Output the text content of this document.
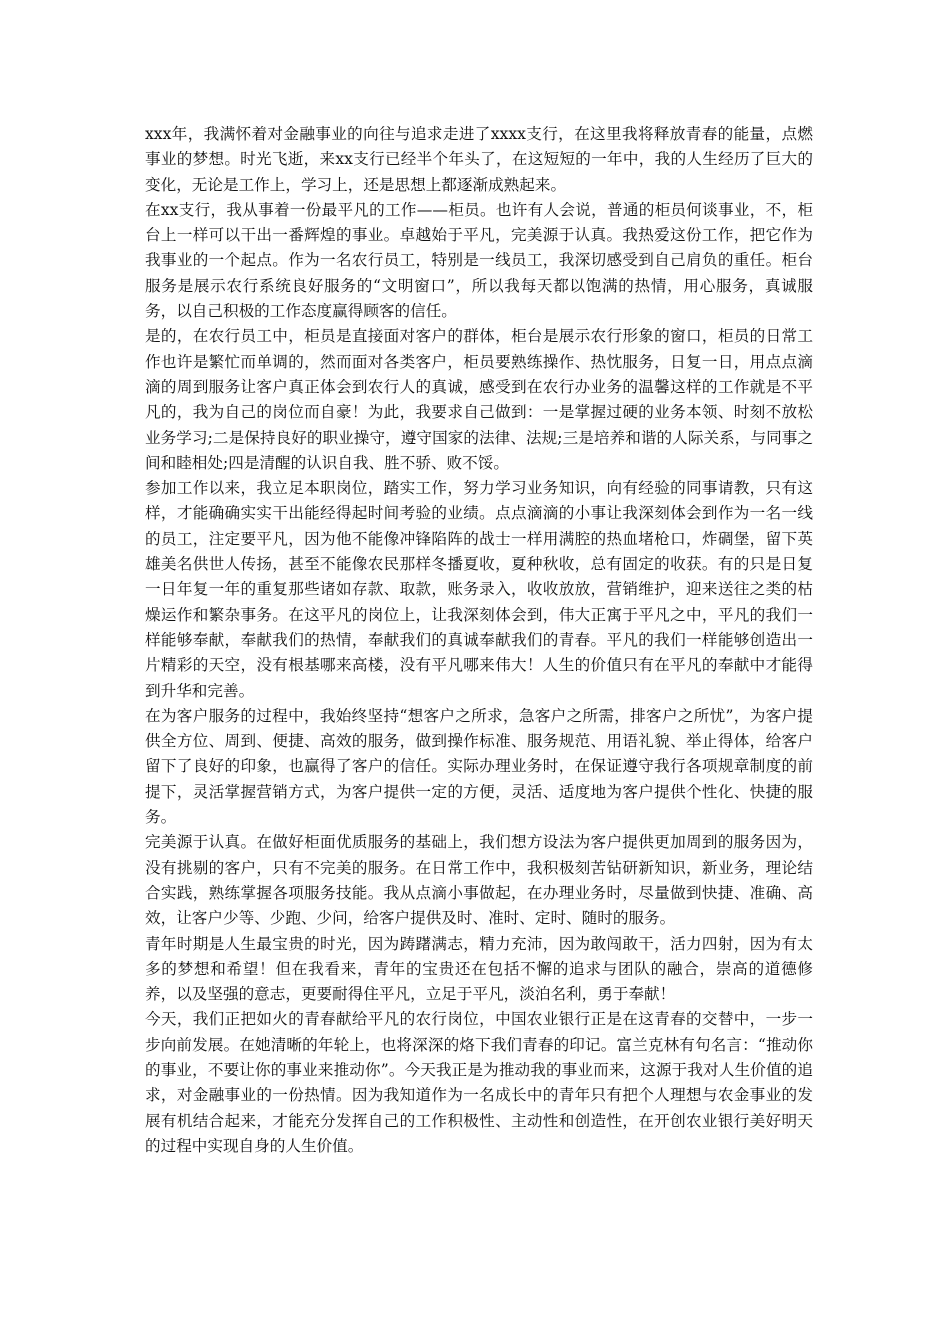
xxx年，我满怀着对金融事业的向往与追求走进了xxxx支行，在这里我将释放青春的能量，点燃事业的梦想。时光飞逝，来xx支行已经半个年头了，在这短短的一年中，我的人生经历了巨大的变化，无论是工作上，学习上，还是思想上都逐渐成熟起来。

在xx支行，我从事着一份最平凡的工作——柜员。也许有人会说，普通的柜员何谈事业，不，柜台上一样可以干出一番辉煌的事业。卓越始于平凡，完美源于认真。我热爱这份工作，把它作为我事业的一个起点。作为一名农行员工，特别是一线员工，我深切感受到自己肩负的重任。柜台服务是展示农行系统良好服务的“文明窗口”，所以我每天都以饱满的热情，用心服务，真诚服务，以自己积极的工作态度赢得顾客的信任。

是的，在农行员工中，柜员是直接面对客户的群体，柜台是展示农行形象的窗口，柜员的日常工作也许是繁忙而单调的，然而面对各类客户，柜员要熟练操作、热忱服务，日复一日，用点点滴滴的周到服务让客户真正体会到农行人的真诚，感受到在农行办业务的温馨这样的工作就是不平凡的，我为自己的岗位而自豪！为此，我要求自己做到：一是掌握过硬的业务本领、时刻不放松业务学习;二是保持良好的职业操守，遵守国家的法律、法规;三是培养和谐的人际关系，与同事之间和睦相处;四是清醒的认识自我、胜不骄、败不馁。

参加工作以来，我立足本职岗位，踏实工作，努力学习业务知识，向有经验的同事请教，只有这样，才能确确实实干出能经得起时间考验的业绩。点点滴滴的小事让我深刻体会到作为一名一线的员工，注定要平凡，因为他不能像冲锋陷阵的战士一样用满腔的热血堵枪口，炸碉堡，留下英雄美名供世人传扬，甚至不能像农民那样冬播夏收，夏种秋收，总有固定的收获。有的只是日复一日年复一年的重复那些诸如存款、取款，账务录入，收收放放，营销维护，迎来送往之类的枯燥运作和繁杂事务。在这平凡的岗位上，让我深刻体会到，伟大正寓于平凡之中，平凡的我们一样能够奉献，奉献我们的热情，奉献我们的真诚奉献我们的青春。平凡的我们一样能够创造出一片精彩的天空，没有根基哪来高楼，没有平凡哪来伟大！人生的价值只有在平凡的奉献中才能得到升华和完善。

在为客户服务的过程中，我始终坚持“想客户之所求，急客户之所需，排客户之所忧”，为客户提供全方位、周到、便捷、高效的服务，做到操作标准、服务规范、用语礼貌、举止得体，给客户留下了良好的印象，也赢得了客户的信任。实际办理业务时，在保证遵守我行各项规章制度的前提下，灵活掌握营销方式，为客户提供一定的方便，灵活、适度地为客户提供个性化、快捷的服务。

完美源于认真。在做好柜面优质服务的基础上，我们想方设法为客户提供更加周到的服务因为，没有挑剔的客户，只有不完美的服务。在日常工作中，我积极刻苦钻研新知识，新业务，理论结合实践，熟练掌握各项服务技能。我从点滴小事做起，在办理业务时，尽量做到快捷、准确、高效，让客户少等、少跑、少问，给客户提供及时、准时、定时、随时的服务。

青年时期是人生最宝贵的时光，因为踌躇满志，精力充沛，因为敢闯敢干，活力四射，因为有太多的梦想和希望！但在我看来，青年的宝贵还在包括不懈的追求与团队的融合，崇高的道德修养，以及坚强的意志，更要耐得住平凡，立足于平凡，淡泊名利，勇于奉献！

今天，我们正把如火的青春献给平凡的农行岗位，中国农业银行正是在这青春的交替中，一步一步向前发展。在她清晰的年轮上，也将深深的烙下我们青春的印记。富兰克林有句名言：“推动你的事业，不要让你的事业来推动你”。今天我正是为推动我的事业而来，这源于我对人生价值的追求，对金融事业的一份热情。因为我知道作为一名成长中的青年只有把个人理想与农金事业的发展有机结合起来，才能充分发挥自己的工作积极性、主动性和创造性，在开创农业银行美好明天的过程中实现自身的人生价值。
